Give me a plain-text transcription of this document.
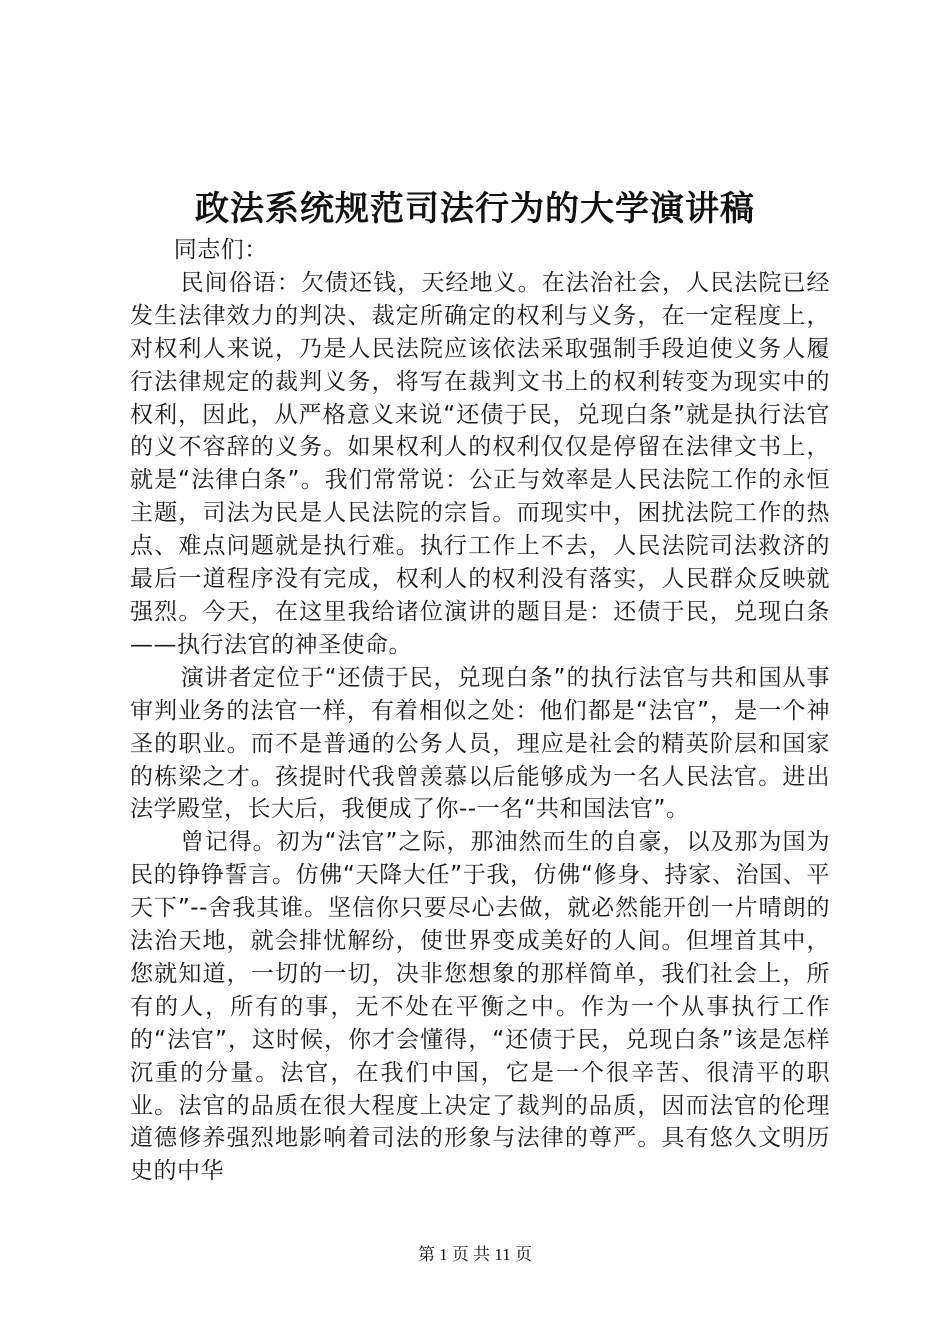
政法系统规范司法行为的大学演讲稿

同志们：

民间俗语：欠债还钱，天经地义。在法治社会，人民法院已经发生法律效力的判决、裁定所确定的权利与义务，在一定程度上，对权利人来说，乃是人民法院应该依法采取强制手段迫使义务人履行法律规定的裁判义务，将写在裁判文书上的权利转变为现实中的权利，因此，从严格意义来说“还债于民，兑现白条”就是执行法官的义不容辞的义务。如果权利人的权利仅仅是停留在法律文书上，就是“法律白条”。我们常常说：公正与效率是人民法院工作的永恒主题，司法为民是人民法院的宗旨。而现实中，困扰法院工作的热点、难点问题就是执行难。执行工作上不去，人民法院司法救济的最后一道程序没有完成，权利人的权利没有落实，人民群众反映就强烈。今天，在这里我给诸位演讲的题目是：还债于民，兑现白条——执行法官的神圣使命。

演讲者定位于“还债于民，兑现白条”的执行法官与共和国从事审判业务的法官一样，有着相似之处：他们都是“法官”，是一个神圣的职业。而不是普通的公务人员，理应是社会的精英阶层和国家的栋梁之才。孩提时代我曾羡慕以后能够成为一名人民法官。进出法学殿堂，长大后，我便成了你--一名“共和国法官”。

曾记得。初为“法官”之际，那油然而生的自豪，以及那为国为民的铮铮誓言。仿佛“天降大任”于我，仿佛“修身、持家、治国、平天下”--舍我其谁。坚信你只要尽心去做，就必然能开创一片晴朗的法治天地，就会排忧解纷，使世界变成美好的人间。但埋首其中，您就知道，一切的一切，决非您想象的那样简单，我们社会上，所有的人，所有的事，无不处在平衡之中。作为一个从事执行工作的“法官”，这时候，你才会懂得，“还债于民，兑现白条”该是怎样沉重的分量。法官，在我们中国，它是一个很辛苦、很清平的职业。法官的品质在很大程度上决定了裁判的品质，因而法官的伦理道德修养强烈地影响着司法的形象与法律的尊严。具有悠久文明历史的中华

第 1 页 共 11 页
